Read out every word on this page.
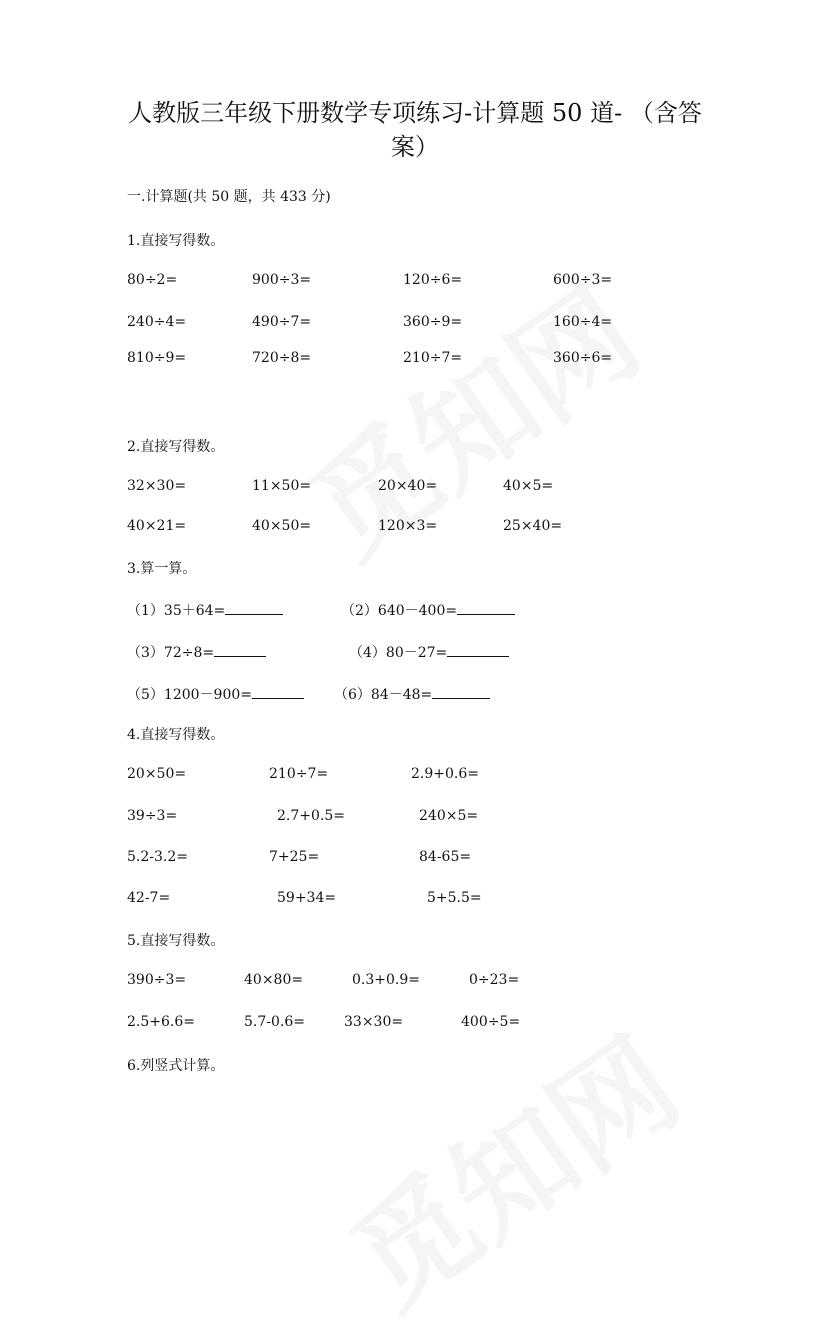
人教版三年级下册数学专项练习-计算题 50 道- （含答案）
一.计算题(共 50 题，共 433 分)
1.直接写得数。
80÷2=	900÷3=	120÷6=	600÷3=
240÷4=	490÷7=	360÷9=	160÷4=
810÷9=	720÷8=	210÷7=	360÷6=
2.直接写得数。
32×30=	11×50=	20×40=	40×5=
40×21=	40×50=	120×3=	25×40=
3.算一算。
（1）35＋64=	（2）640－400=
（3）72÷8=	（4）80－27=
（5）1200－900=	（6）84－48=
4.直接写得数。
20×50=	210÷7=	2.9+0.6=
39÷3=	2.7+0.5=	240×5=
5.2-3.2=	7+25=	84-65=
42-7=	59+34=	5+5.5=
5.直接写得数。
390÷3=	40×80=	0.3+0.9=	0÷23=
2.5+6.6=	5.7-0.6=	33×30=	400÷5=
6.列竖式计算。
